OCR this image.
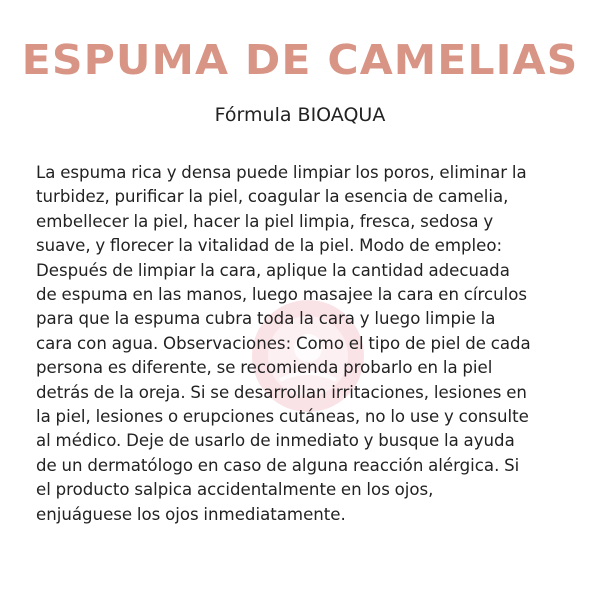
ESPUMA DE CAMELIAS
Fórmula BIOAQUA
La espuma rica y densa puede limpiar los poros, eliminar la
turbidez, purificar la piel, coagular la esencia de camelia,
embellecer la piel, hacer la piel limpia, fresca, sedosa y
suave, y florecer la vitalidad de la piel. Modo de empleo:
Después de limpiar la cara, aplique la cantidad adecuada
de espuma en las manos, luego masajee la cara en círculos
para que la espuma cubra toda la cara y luego limpie la
cara con agua. Observaciones: Como el tipo de piel de cada
persona es diferente, se recomienda probarlo en la piel
detrás de la oreja. Si se desarrollan irritaciones, lesiones en
la piel, lesiones o erupciones cutáneas, no lo use y consulte
al médico. Deje de usarlo de inmediato y busque la ayuda
de un dermatólogo en caso de alguna reacción alérgica. Si
el producto salpica accidentalmente en los ojos,
enjuáguese los ojos inmediatamente.
